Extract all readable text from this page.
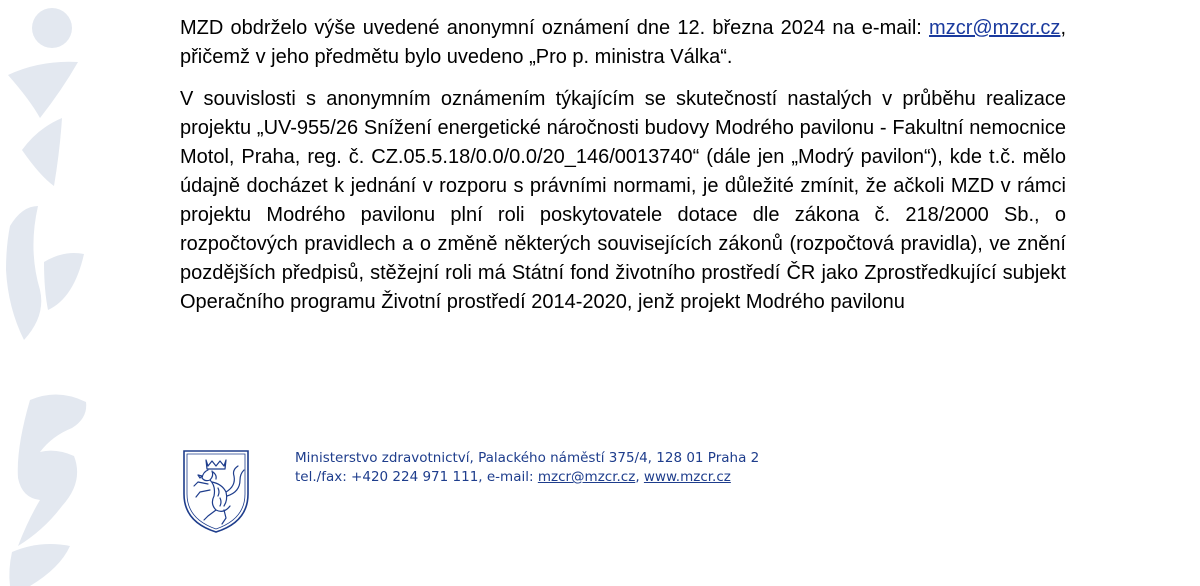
MZD obdrželo výše uvedené anonymní oznámení dne 12. března 2024 na e-mail: mzcr@mzcr.cz, přičemž v jeho předmětu bylo uvedeno „Pro p. ministra Válka“.

V souvislosti s anonymním oznámením týkajícím se skutečností nastalých v průběhu realizace projektu „UV-955/26 Snížení energetické náročnosti budovy Modrého pavilonu - Fakultní nemocnice Motol, Praha, reg. č. CZ.05.5.18/0.0/0.0/20_146/0013740“ (dále jen „Modrý pavilon“), kde t.č. mělo údajně docházet k jednání v rozporu s právními normami, je důležité zmínit, že ačkoli MZD v rámci projektu Modrého pavilonu plní roli poskytovatele dotace dle zákona č. 218/2000 Sb., o rozpočtových pravidlech a o změně některých souvisejících zákonů (rozpočtová pravidla), ve znění pozdějších předpisů, stěžejní roli má Státní fond životního prostředí ČR jako Zprostředkující subjekt Operačního programu Životní prostředí 2014-2020, jenž projekt Modrého pavilonu

Ministerstvo zdravotnictví, Palackého náměstí 375/4, 128 01 Praha 2
tel./fax: +420 224 971 111, e-mail: mzcr@mzcr.cz, www.mzcr.cz
